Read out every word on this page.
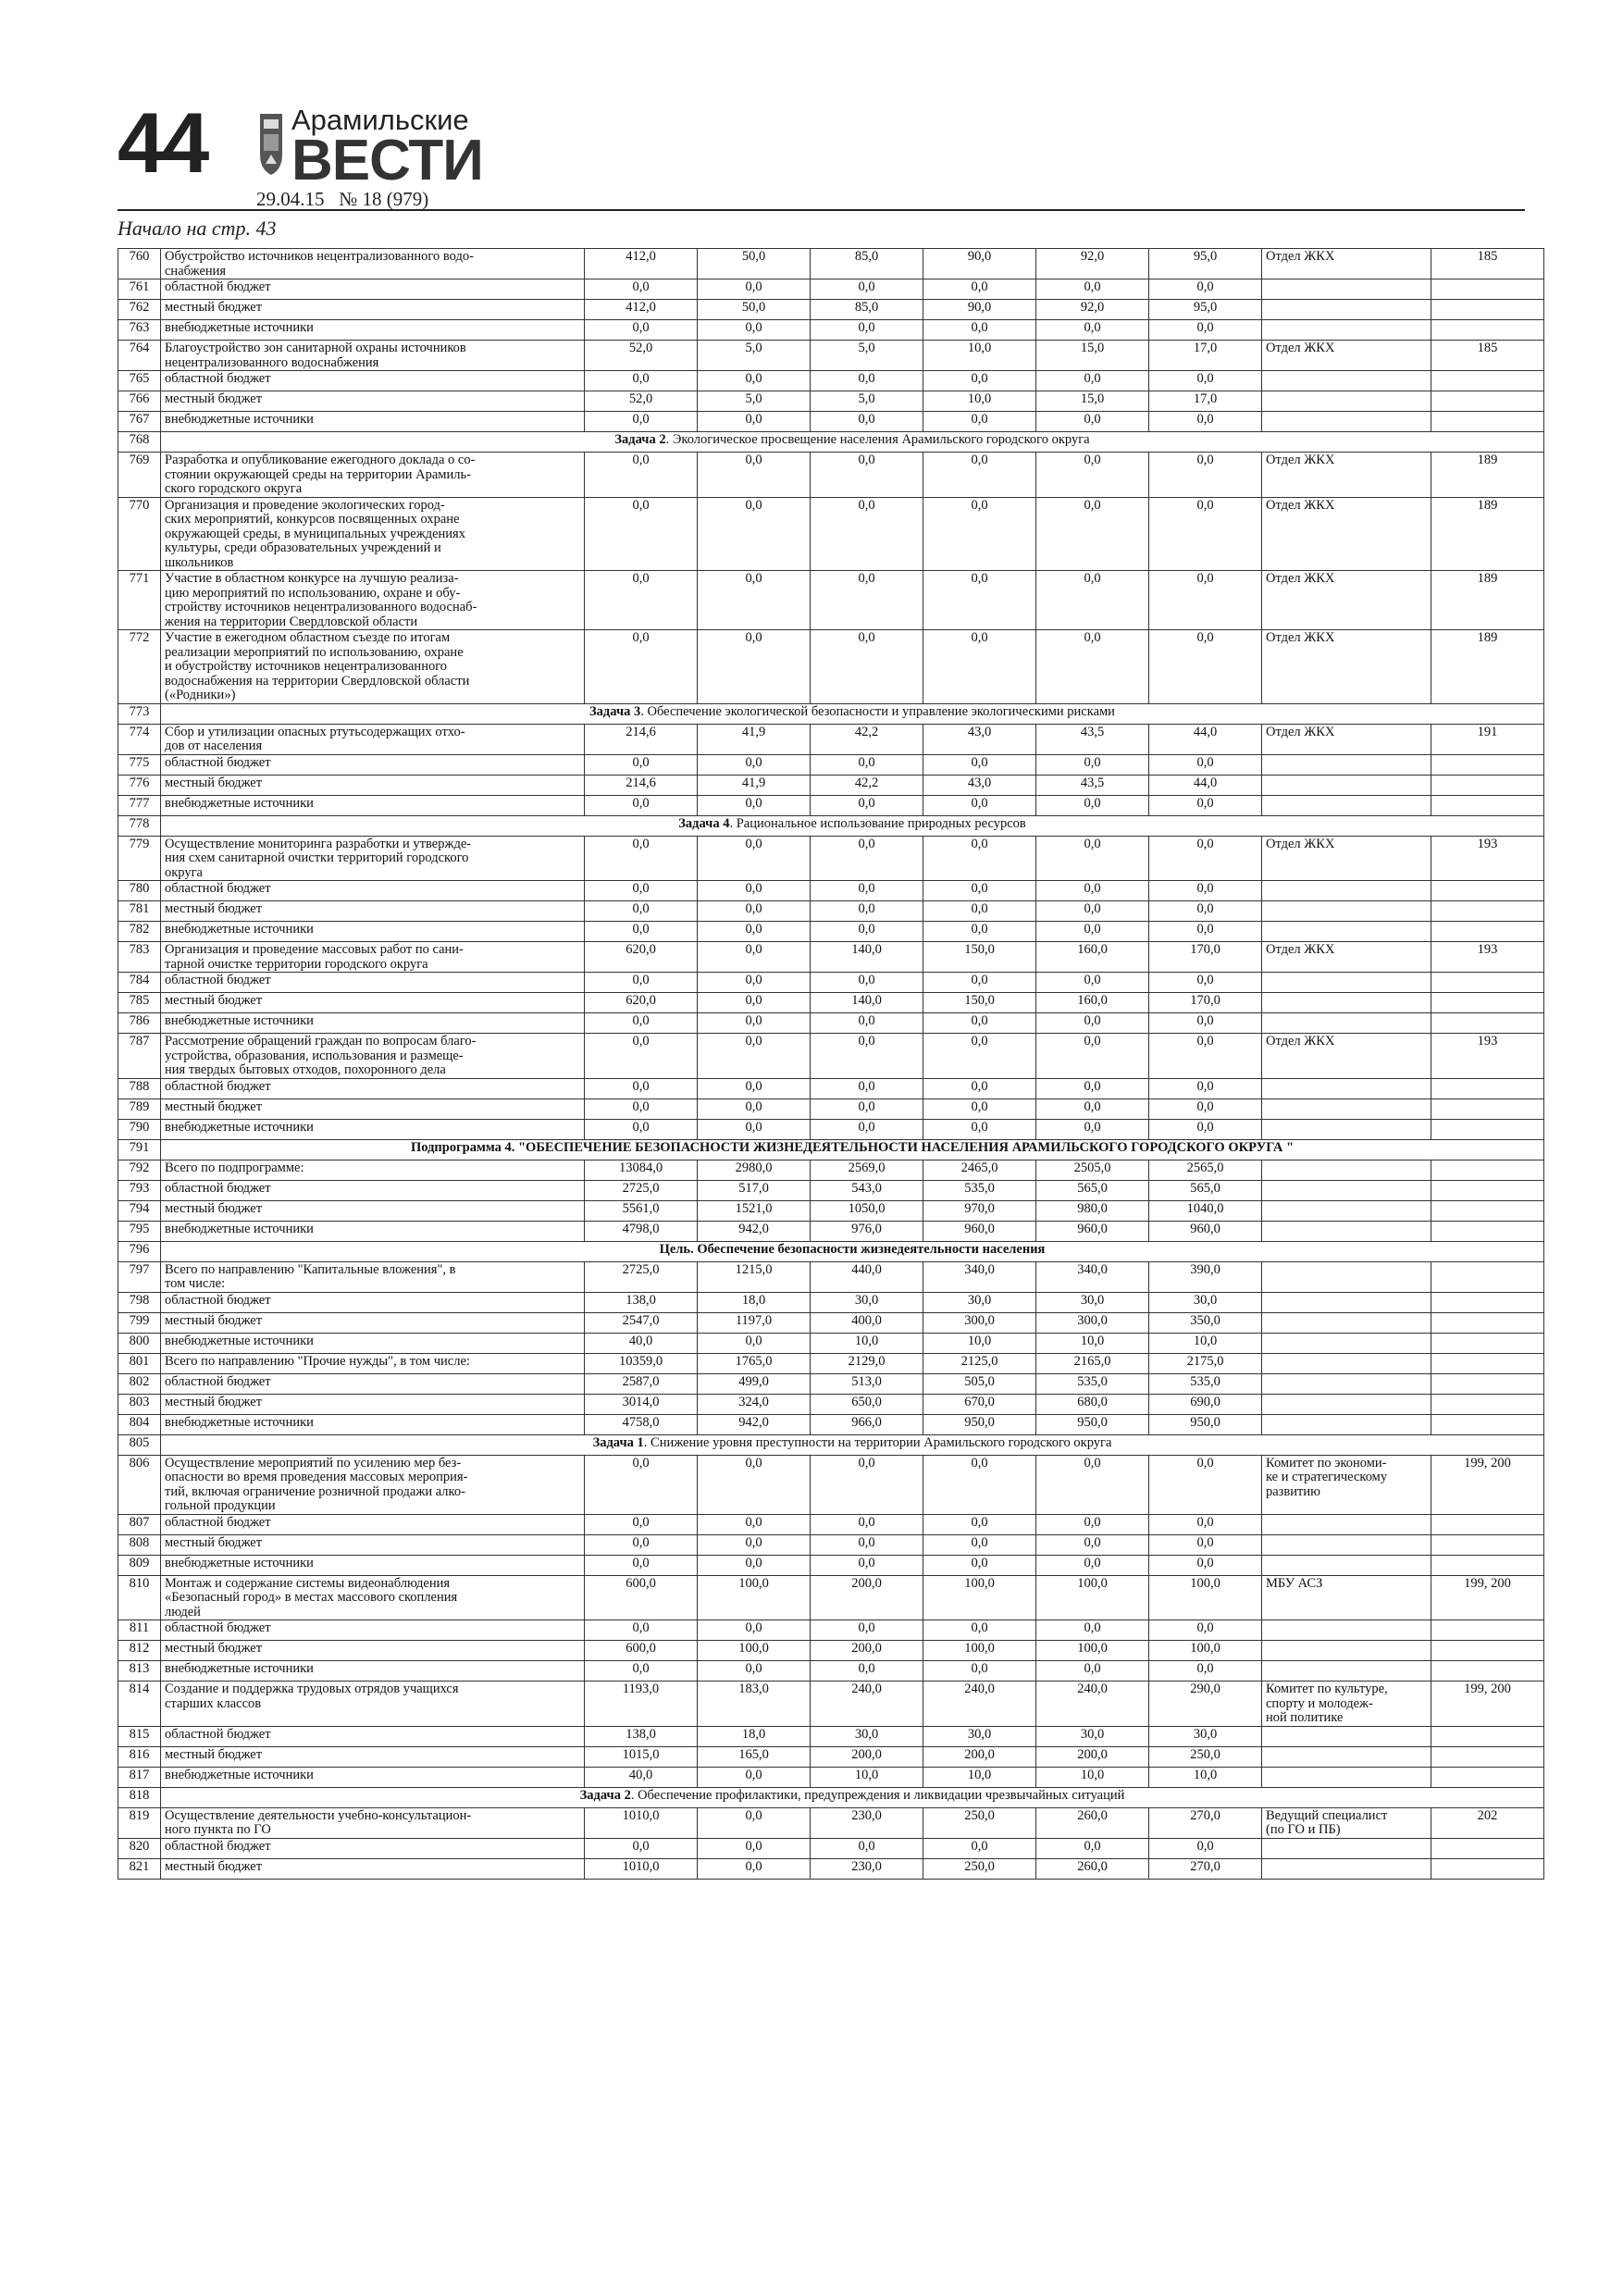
44	Арамильские
ВЕСТИ
29.04.15   № 18 (979)
Начало на стр. 43
760	Обустройство источников нецентрализованного водо-
снабжения	412,0	50,0	85,0	90,0	92,0	95,0	Отдел ЖКХ	185
761	областной бюджет	0,0	0,0	0,0	0,0	0,0	0,0		
762	местный бюджет	412,0	50,0	85,0	90,0	92,0	95,0		
763	внебюджетные источники	0,0	0,0	0,0	0,0	0,0	0,0		
764	Благоустройство зон санитарной охраны источников
нецентрализованного водоснабжения	52,0	5,0	5,0	10,0	15,0	17,0	Отдел ЖКХ	185
765	областной бюджет	0,0	0,0	0,0	0,0	0,0	0,0		
766	местный бюджет	52,0	5,0	5,0	10,0	15,0	17,0		
767	внебюджетные источники	0,0	0,0	0,0	0,0	0,0	0,0		
768	Задача 2. Экологическое просвещение населения Арамильского городского округа								
769	Разработка и опубликование ежегодного доклада о со-
стоянии окружающей среды на территории Арамиль-
ского городского округа	0,0	0,0	0,0	0,0	0,0	0,0	Отдел ЖКХ	189
770	Организация и проведение экологических город-
ских мероприятий, конкурсов посвященных охране
окружающей среды, в муниципальных учреждениях
культуры, среди образовательных учреждений и
школьников	0,0	0,0	0,0	0,0	0,0	0,0	Отдел ЖКХ	189
771	Участие в областном конкурсе на лучшую реализа-
цию мероприятий по использованию, охране и обу-
стройству источников нецентрализованного водоснаб-
жения на территории Свердловской области	0,0	0,0	0,0	0,0	0,0	0,0	Отдел ЖКХ	189
772	Участие в ежегодном областном съезде по итогам
реализации мероприятий по использованию, охране
и обустройству источников нецентрализованного
водоснабжения на территории Свердловской области
(«Родники»)	0,0	0,0	0,0	0,0	0,0	0,0	Отдел ЖКХ	189
773	Задача 3. Обеспечение экологической безопасности и управление экологическими рисками								
774	Сбор и утилизации опасных ртутьсодержащих отхо-
дов от населения	214,6	41,9	42,2	43,0	43,5	44,0	Отдел ЖКХ	191
775	областной бюджет	0,0	0,0	0,0	0,0	0,0	0,0		
776	местный бюджет	214,6	41,9	42,2	43,0	43,5	44,0		
777	внебюджетные источники	0,0	0,0	0,0	0,0	0,0	0,0		
778	Задача 4. Рациональное использование природных ресурсов								
779	Осуществление мониторинга разработки и утвержде-
ния схем санитарной очистки территорий городского
округа	0,0	0,0	0,0	0,0	0,0	0,0	Отдел ЖКХ	193
780	областной бюджет	0,0	0,0	0,0	0,0	0,0	0,0		
781	местный бюджет	0,0	0,0	0,0	0,0	0,0	0,0		
782	внебюджетные источники	0,0	0,0	0,0	0,0	0,0	0,0		
783	Организация и проведение массовых работ по сани-
тарной очистке территории городского округа	620,0	0,0	140,0	150,0	160,0	170,0	Отдел ЖКХ	193
784	областной бюджет	0,0	0,0	0,0	0,0	0,0	0,0		
785	местный бюджет	620,0	0,0	140,0	150,0	160,0	170,0		
786	внебюджетные источники	0,0	0,0	0,0	0,0	0,0	0,0		
787	Рассмотрение обращений граждан по вопросам благо-
устройства, образования, использования и размеще-
ния твердых бытовых отходов, похоронного дела	0,0	0,0	0,0	0,0	0,0	0,0	Отдел ЖКХ	193
788	областной бюджет	0,0	0,0	0,0	0,0	0,0	0,0		
789	местный бюджет	0,0	0,0	0,0	0,0	0,0	0,0		
790	внебюджетные источники	0,0	0,0	0,0	0,0	0,0	0,0		
791	Подпрограмма 4. "ОБЕСПЕЧЕНИЕ БЕЗОПАСНОСТИ ЖИЗНЕДЕЯТЕЛЬНОСТИ НАСЕЛЕНИЯ АРАМИЛЬСКОГО ГОРОДСКОГО ОКРУГА "								
792	Всего по подпрограмме:	13084,0	2980,0	2569,0	2465,0	2505,0	2565,0		
793	областной бюджет	2725,0	517,0	543,0	535,0	565,0	565,0		
794	местный бюджет	5561,0	1521,0	1050,0	970,0	980,0	1040,0		
795	внебюджетные источники	4798,0	942,0	976,0	960,0	960,0	960,0		
796	Цель. Обеспечение безопасности жизнедеятельности населения								
797	Всего по направлению "Капитальные вложения", в
том числе:	2725,0	1215,0	440,0	340,0	340,0	390,0		
798	областной бюджет	138,0	18,0	30,0	30,0	30,0	30,0		
799	местный бюджет	2547,0	1197,0	400,0	300,0	300,0	350,0		
800	внебюджетные источники	40,0	0,0	10,0	10,0	10,0	10,0		
801	Всего по направлению "Прочие нужды", в том числе:	10359,0	1765,0	2129,0	2125,0	2165,0	2175,0		
802	областной бюджет	2587,0	499,0	513,0	505,0	535,0	535,0		
803	местный бюджет	3014,0	324,0	650,0	670,0	680,0	690,0		
804	внебюджетные источники	4758,0	942,0	966,0	950,0	950,0	950,0		
805	Задача 1. Снижение уровня преступности на территории Арамильского городского округа								
806	Осуществление мероприятий по усилению мер без-
опасности во время проведения массовых мероприя-
тий, включая ограничение розничной продажи алко-
гольной продукции	0,0	0,0	0,0	0,0	0,0	0,0	Комитет по экономи-
ке и стратегическому
развитию	199, 200
807	областной бюджет	0,0	0,0	0,0	0,0	0,0	0,0		
808	местный бюджет	0,0	0,0	0,0	0,0	0,0	0,0		
809	внебюджетные источники	0,0	0,0	0,0	0,0	0,0	0,0		
810	Монтаж и содержание системы видеонаблюдения
«Безопасный город» в местах массового скопления
людей	600,0	100,0	200,0	100,0	100,0	100,0	МБУ АСЗ	199, 200
811	областной бюджет	0,0	0,0	0,0	0,0	0,0	0,0		
812	местный бюджет	600,0	100,0	200,0	100,0	100,0	100,0		
813	внебюджетные источники	0,0	0,0	0,0	0,0	0,0	0,0		
814	Создание и поддержка трудовых отрядов учащихся
старших классов	1193,0	183,0	240,0	240,0	240,0	290,0	Комитет по культуре,
спорту и молодеж-
ной политике	199, 200
815	областной бюджет	138,0	18,0	30,0	30,0	30,0	30,0		
816	местный бюджет	1015,0	165,0	200,0	200,0	200,0	250,0		
817	внебюджетные источники	40,0	0,0	10,0	10,0	10,0	10,0		
818	Задача 2. Обеспечение профилактики, предупреждения и ликвидации чрезвычайных ситуаций								
819	Осуществление деятельности учебно-консультацион-
ного пункта по ГО	1010,0	0,0	230,0	250,0	260,0	270,0	Ведущий специалист
(по ГО и ПБ)	202
820	областной бюджет	0,0	0,0	0,0	0,0	0,0	0,0		
821	местный бюджет	1010,0	0,0	230,0	250,0	260,0	270,0		
